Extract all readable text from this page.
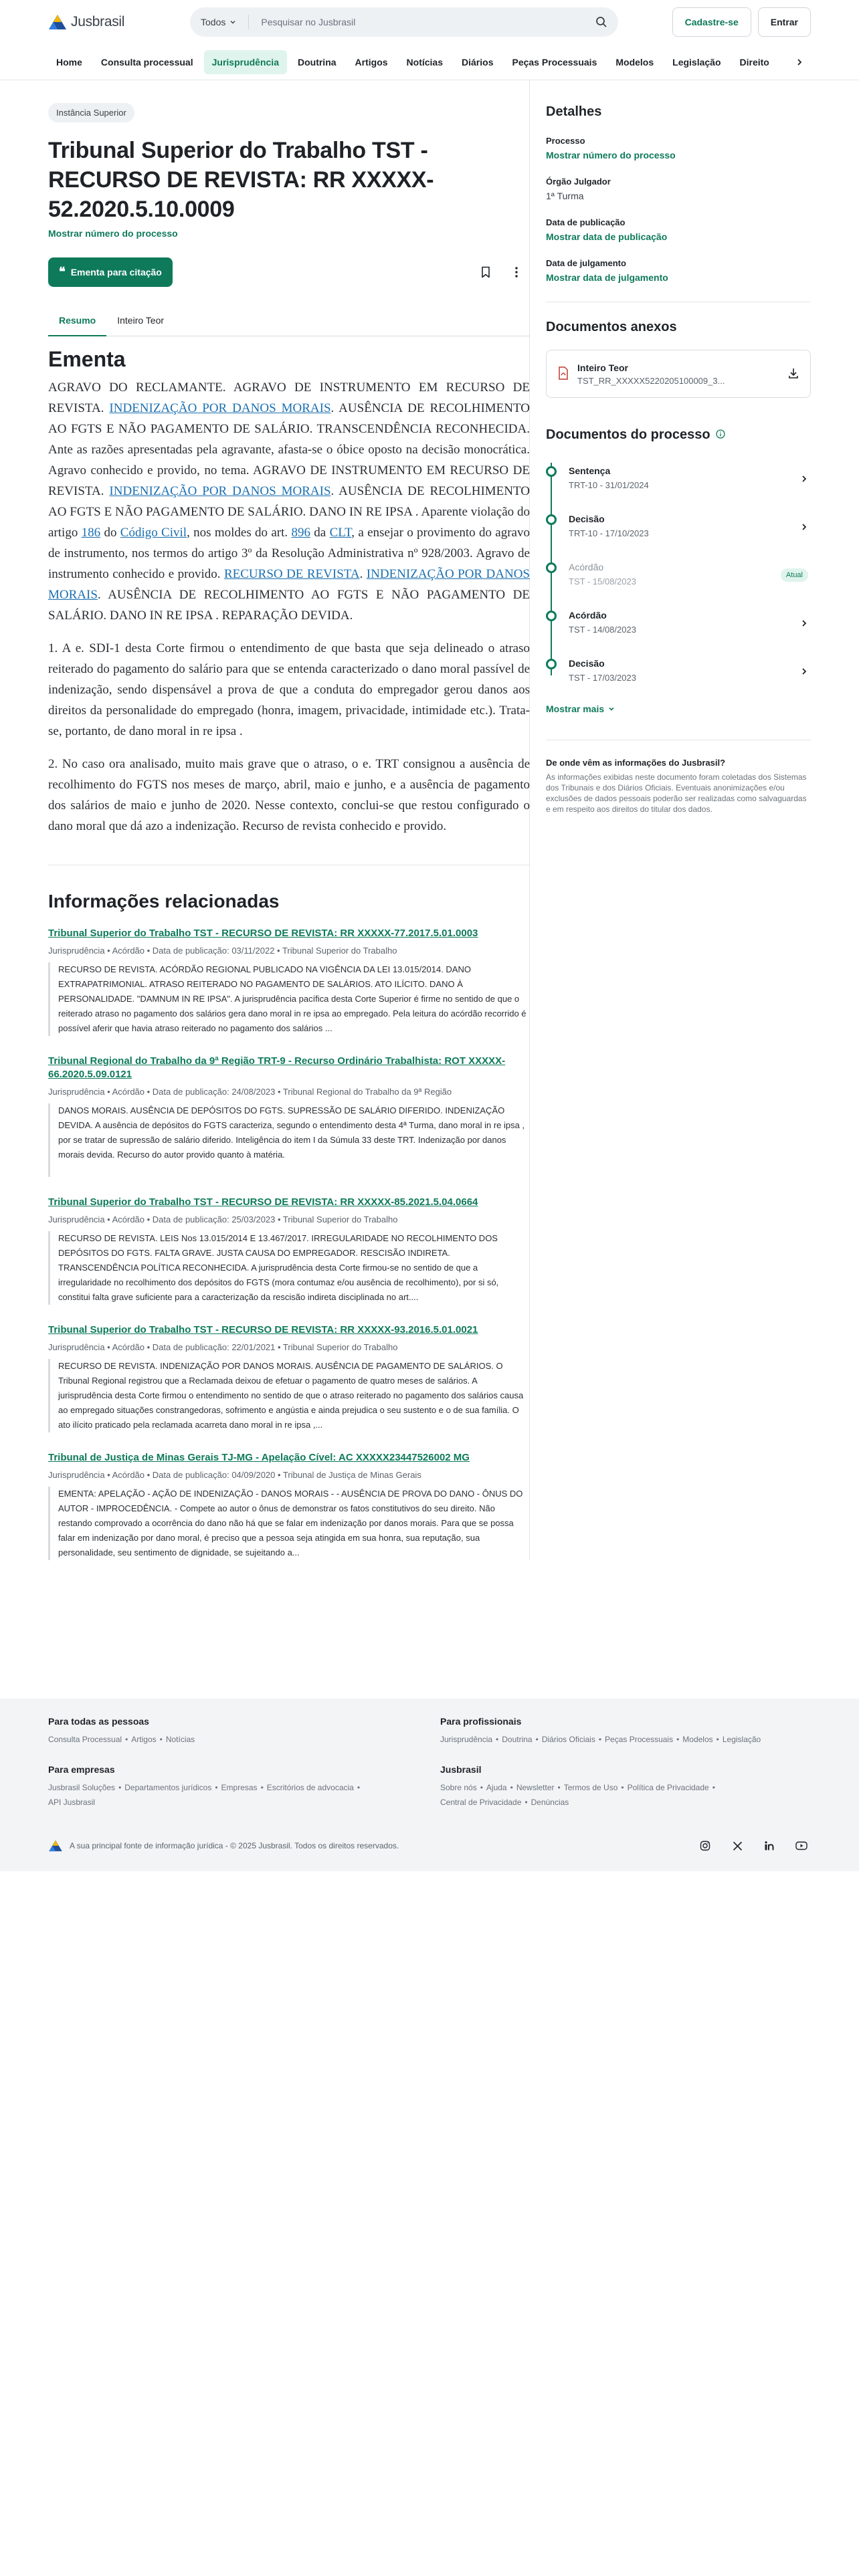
Jusbrasil	Todos
Pesquisar no Jusbrasil	Cadastre-se	Entrar
Home	Consulta processual	Jurisprudência	Doutrina	Artigos	Notícias	Diários	Peças Processuais	Modelos	Legislação	Direito
Instância Superior
Tribunal Superior do Trabalho TST - RECURSO DE REVISTA: RR XXXXX-52.2020.5.10.0009
Mostrar número do processo
❝ Ementa para citação
Resumo	Inteiro Teor
Ementa

AGRAVO DO RECLAMANTE. AGRAVO DE INSTRUMENTO EM RECURSO DE REVISTA. INDENIZAÇÃO POR DANOS MORAIS. AUSÊNCIA DE RECOLHIMENTO AO FGTS E NÃO PAGAMENTO DE SALÁRIO. TRANSCENDÊNCIA RECONHECIDA. Ante as razões apresentadas pela agravante, afasta-se o óbice oposto na decisão monocrática. Agravo conhecido e provido, no tema. AGRAVO DE INSTRUMENTO EM RECURSO DE REVISTA. INDENIZAÇÃO POR DANOS MORAIS. AUSÊNCIA DE RECOLHIMENTO AO FGTS E NÃO PAGAMENTO DE SALÁRIO. DANO IN RE IPSA . Aparente violação do artigo 186 do Código Civil, nos moldes do art. 896 da CLT, a ensejar o provimento do agravo de instrumento, nos termos do artigo 3º da Resolução Administrativa nº 928/2003. Agravo de instrumento conhecido e provido. RECURSO DE REVISTA. INDENIZAÇÃO POR DANOS MORAIS. AUSÊNCIA DE RECOLHIMENTO AO FGTS E NÃO PAGAMENTO DE SALÁRIO. DANO IN RE IPSA . REPARAÇÃO DEVIDA.

1. A e. SDI-1 desta Corte firmou o entendimento de que basta que seja delineado o atraso reiterado do pagamento do salário para que se entenda caracterizado o dano moral passível de indenização, sendo dispensável a prova de que a conduta do empregador gerou danos aos direitos da personalidade do empregado (honra, imagem, privacidade, intimidade etc.). Trata-se, portanto, de dano moral in re ipsa .

2. No caso ora analisado, muito mais grave que o atraso, o e. TRT consignou a ausência de recolhimento do FGTS nos meses de março, abril, maio e junho, e a ausência de pagamento dos salários de maio e junho de 2020. Nesse contexto, conclui-se que restou configurado o dano moral que dá azo a indenização. Recurso de revista conhecido e provido.

Informações relacionadas
Tribunal Superior do Trabalho TST - RECURSO DE REVISTA: RR XXXXX-77.2017.5.01.0003
Jurisprudência • Acórdão • Data de publicação: 03/11/2022 • Tribunal Superior do Trabalho
RECURSO DE REVISTA. ACÓRDÃO REGIONAL PUBLICADO NA VIGÊNCIA DA LEI 13.015/2014. DANO EXTRAPATRIMONIAL. ATRASO REITERADO NO PAGAMENTO DE SALÁRIOS. ATO ILÍCITO. DANO À PERSONALIDADE. "DAMNUM IN RE IPSA". A jurisprudência pacífica desta Corte Superior é firme no sentido de que o reiterado atraso no pagamento dos salários gera dano moral in re ipsa ao empregado. Pela leitura do acórdão recorrido é possível aferir que havia atraso reiterado no pagamento dos salários ...
Tribunal Regional do Trabalho da 9ª Região TRT-9 - Recurso Ordinário Trabalhista: ROT XXXXX-66.2020.5.09.0121
Jurisprudência • Acórdão • Data de publicação: 24/08/2023 • Tribunal Regional do Trabalho da 9ª Região
DANOS MORAIS. AUSÊNCIA DE DEPÓSITOS DO FGTS. SUPRESSÃO DE SALÁRIO DIFERIDO. INDENIZAÇÃO DEVIDA. A ausência de depósitos do FGTS caracteriza, segundo o entendimento desta 4ª Turma, dano moral in re ipsa , por se tratar de supressão de salário diferido. Inteligência do item I da Súmula 33 deste TRT. Indenização por danos morais devida. Recurso do autor provido quanto à matéria.
Tribunal Superior do Trabalho TST - RECURSO DE REVISTA: RR XXXXX-85.2021.5.04.0664
Jurisprudência • Acórdão • Data de publicação: 25/03/2023 • Tribunal Superior do Trabalho
RECURSO DE REVISTA. LEIS Nos 13.015/2014 E 13.467/2017. IRREGULARIDADE NO RECOLHIMENTO DOS DEPÓSITOS DO FGTS. FALTA GRAVE. JUSTA CAUSA DO EMPREGADOR. RESCISÃO INDIRETA. TRANSCENDÊNCIA POLÍTICA RECONHECIDA. A jurisprudência desta Corte firmou-se no sentido de que a irregularidade no recolhimento dos depósitos do FGTS (mora contumaz e/ou ausência de recolhimento), por si só, constitui falta grave suficiente para a caracterização da rescisão indireta disciplinada no art....
Tribunal Superior do Trabalho TST - RECURSO DE REVISTA: RR XXXXX-93.2016.5.01.0021
Jurisprudência • Acórdão • Data de publicação: 22/01/2021 • Tribunal Superior do Trabalho
RECURSO DE REVISTA. INDENIZAÇÃO POR DANOS MORAIS. AUSÊNCIA DE PAGAMENTO DE SALÁRIOS. O Tribunal Regional registrou que a Reclamada deixou de efetuar o pagamento de quatro meses de salários. A jurisprudência desta Corte firmou o entendimento no sentido de que o atraso reiterado no pagamento dos salários causa ao empregado situações constrangedoras, sofrimento e angústia e ainda prejudica o seu sustento e o de sua família. O ato ilícito praticado pela reclamada acarreta dano moral in re ipsa ,...
Tribunal de Justiça de Minas Gerais TJ-MG - Apelação Cível: AC XXXXX23447526002 MG
Jurisprudência • Acórdão • Data de publicação: 04/09/2020 • Tribunal de Justiça de Minas Gerais
EMENTA: APELAÇÃO - AÇÃO DE INDENIZAÇÃO - DANOS MORAIS - - AUSÊNCIA DE PROVA DO DANO - ÔNUS DO AUTOR - IMPROCEDÊNCIA. - Compete ao autor o ônus de demonstrar os fatos constitutivos do seu direito. Não restando comprovado a ocorrência do dano não há que se falar em indenização por danos morais. Para que se possa falar em indenização por dano moral, é preciso que a pessoa seja atingida em sua honra, sua reputação, sua personalidade, seu sentimento de dignidade, se sujeitando a...
Detalhes
Processo
Mostrar número do processo
Órgão Julgador
1ª Turma
Data de publicação
Mostrar data de publicação
Data de julgamento
Mostrar data de julgamento
Documentos anexos
Inteiro Teor
TST_RR_XXXXX5220205100009_3...
Documentos do processo
Sentença
TRT-10 - 31/01/2024
Decisão
TRT-10 - 17/10/2023
Acórdão
TST - 15/08/2023
Atual
Acórdão
TST - 14/08/2023
Decisão
TST - 17/03/2023
Mostrar mais
De onde vêm as informações do Jusbrasil?

As informações exibidas neste documento foram coletadas dos Sistemas dos Tribunais e dos Diários Oficiais. Eventuais anonimizações e/ou exclusões de dados pessoais poderão ser realizadas como salvaguardas e em respeito aos direitos do titular dos dados.

Para todas as pessoas
Consulta Processual • Artigos • Notícias
Para empresas
Jusbrasil Soluções • Departamentos jurídicos • Empresas • Escritórios de advocacia •
API Jusbrasil
Para profissionais
Jurisprudência • Doutrina • Diários Oficiais • Peças Processuais • Modelos • Legislação
Jusbrasil
Sobre nós • Ajuda • Newsletter • Termos de Uso • Política de Privacidade •
Central de Privacidade • Denúncias
A sua principal fonte de informação jurídica - © 2025 Jusbrasil. Todos os direitos reservados.
